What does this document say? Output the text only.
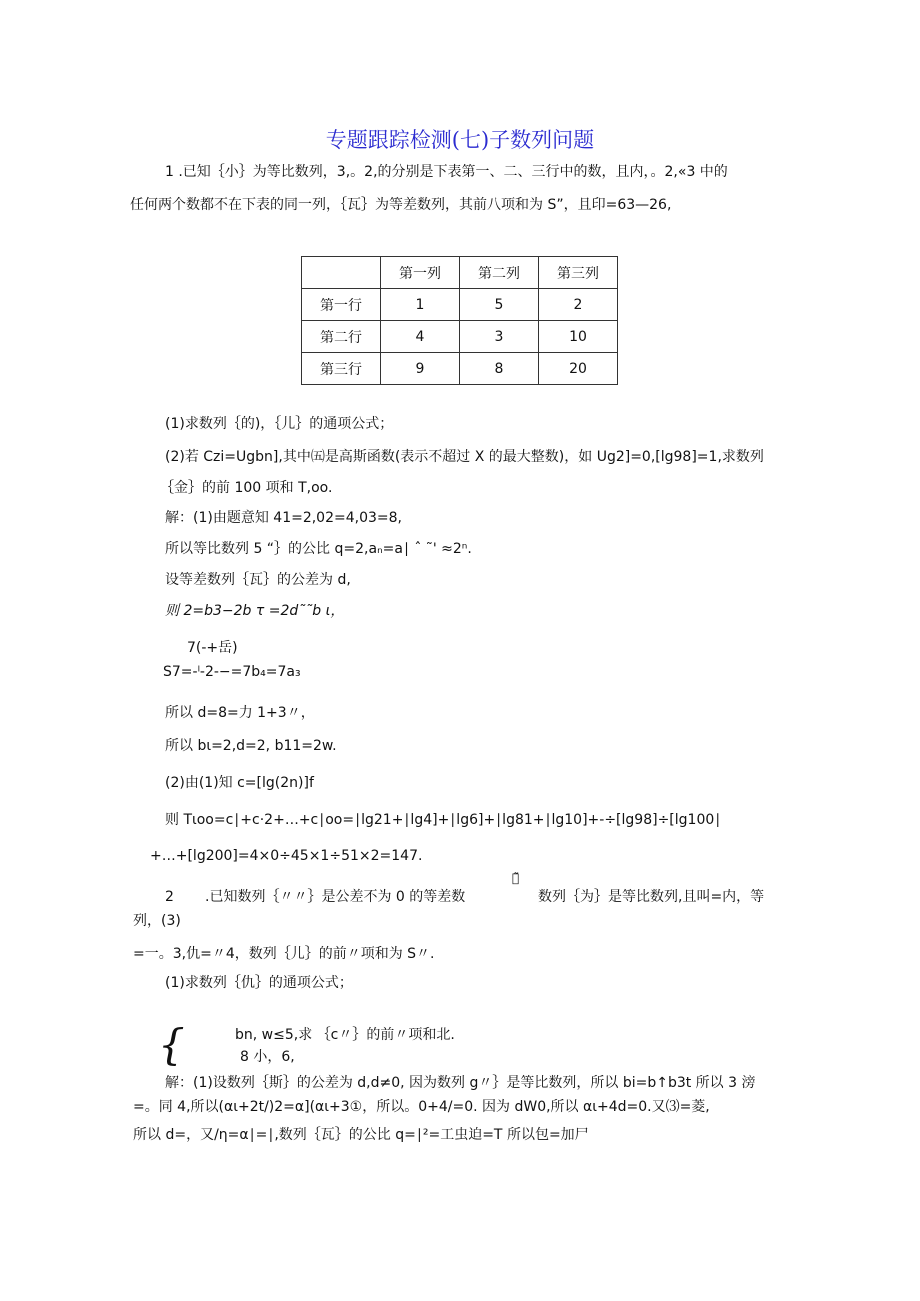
专题跟踪检测(七)子数列问题
1 .已知｛小｝为等比数列，3,。2,的分别是下表第一、二、三行中的数，且内，。2,«3 中的
任何两个数都不在下表的同一列，｛瓦｝为等差数列，其前八项和为 S”，且印=63—26,
	第一列	第二列	第三列
第一行	1	5	2
第二行	4	3	10
第三行	9	8	20
(1)求数列｛的)，｛儿｝的通项公式；
(2)若 Czi=Ugbn],其中㈤是高斯函数(表示不超过 X 的最大整数)，如 Ug2]=0,[lg98]=1,求数列
｛金｝的前 100 项和 T,oo.
解：(1)由题意知 41=2,02=4,03=8,
所以等比数列 5 “｝的公比 q=2,aₙ=a∣ ˆ ˜' ≈2ⁿ.
设等差数列｛瓦｝的公差为 d,
则 2=b3−2b τ =2d˜˜b ι，
7(-+岳)
S7=-ˡ-2-−=7b₄=7a₃
所以 d=8=力 1+3〃，
所以 bι=2,d=2, b11=2w.
(2)由(1)知 c=[lg(2n)]f
则 Tιoo=c∣+c·2+…+c∣oo=∣lg21+∣lg4]+∣lg6]+∣lg81+∣lg10]+-÷[lg98]÷[lg100∣
+…+[lg200]=4×0÷45×1÷51×2=147.
2 .已知数列｛〃〃｝是公差不为 0 的等差数
ﾐ͂
数列｛为｝是等比数列,且叫=内，等
列，(3)
=一。3,仇=〃4，数列｛儿｝的前〃项和为 S〃.
(1)求数列｛仇｝的通项公式；
{	bn, w≤5,求 ｛c〃｝的前〃项和北.
8 小，6,
解：(1)设数列｛斯｝的公差为 d,d≠0, 因为数列 g〃｝是等比数列，所以 bi=b↑b3t 所以 3 滂
=。同 4,所以(αι+2t/)2=α](αι+3①，所以。0+4/=0. 因为 dW0,所以 αι+4d=0.又⑶=菱,
所以 d=，又/η=α∣=∣,数列｛瓦｝的公比 q=∣²=工虫迫=T 所以包=加尸
